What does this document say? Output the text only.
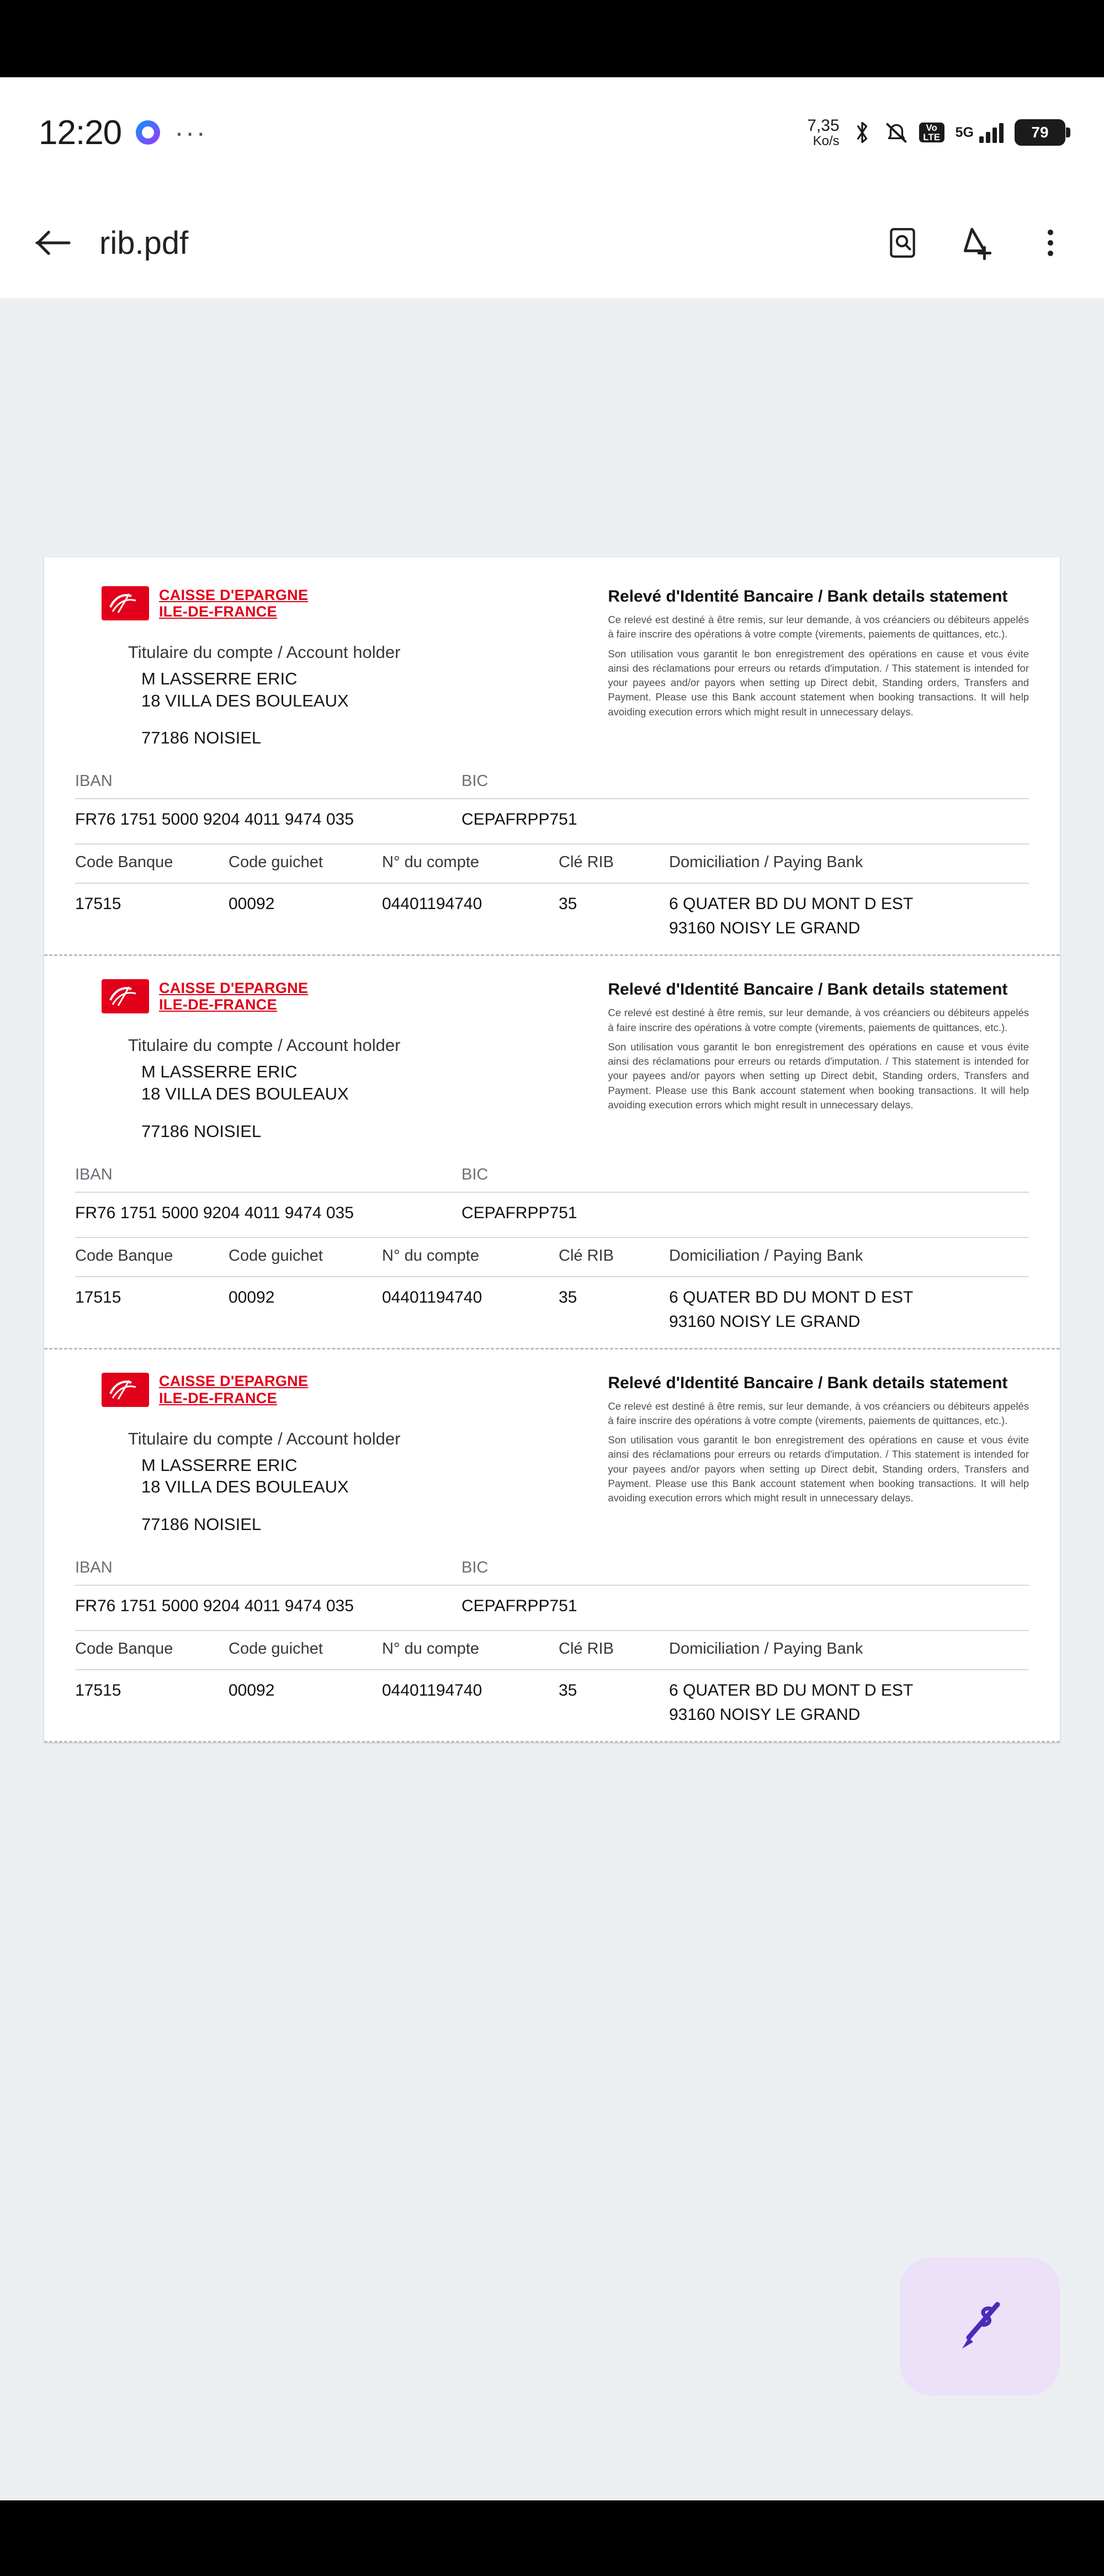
12:20 ···	7,35
Ko/s
Vo
LTE 5G	79
rib.pdf
CAISSE D'EPARGNE
ILE-DE-FRANCE
Titulaire du compte / Account holder
M LASSERRE ERIC
18 VILLA DES BOULEAUX
77186 NOISIEL
Relevé d'Identité Bancaire / Bank details statement

Ce relevé est destiné à être remis, sur leur demande, à vos créanciers ou débiteurs appelés à faire inscrire des opérations à votre compte (virements, paiements de quittances, etc.).

Son utilisation vous garantit le bon enregistrement des opérations en cause et vous évite ainsi des réclamations pour erreurs ou retards d'imputation. / This statement is intended for your payees and/or payors when setting up Direct debit, Standing orders, Transfers and Payment. Please use this Bank account statement when booking transactions. It will help avoiding execution errors which might result in unnecessary delays.

IBAN	BIC
FR76 1751 5000 9204 4011 9474 035	CEPAFRPP751
Code Banque	Code guichet	N° du compte	Clé RIB	Domiciliation / Paying Bank
17515	00092	04401194740	35	6 QUATER BD DU MONT D EST
93160 NOISY LE GRAND
CAISSE D'EPARGNE
ILE-DE-FRANCE
Titulaire du compte / Account holder
M LASSERRE ERIC
18 VILLA DES BOULEAUX
77186 NOISIEL
Relevé d'Identité Bancaire / Bank details statement

Ce relevé est destiné à être remis, sur leur demande, à vos créanciers ou débiteurs appelés à faire inscrire des opérations à votre compte (virements, paiements de quittances, etc.).

Son utilisation vous garantit le bon enregistrement des opérations en cause et vous évite ainsi des réclamations pour erreurs ou retards d'imputation. / This statement is intended for your payees and/or payors when setting up Direct debit, Standing orders, Transfers and Payment. Please use this Bank account statement when booking transactions. It will help avoiding execution errors which might result in unnecessary delays.

IBAN	BIC
FR76 1751 5000 9204 4011 9474 035	CEPAFRPP751
Code Banque	Code guichet	N° du compte	Clé RIB	Domiciliation / Paying Bank
17515	00092	04401194740	35	6 QUATER BD DU MONT D EST
93160 NOISY LE GRAND
CAISSE D'EPARGNE
ILE-DE-FRANCE
Titulaire du compte / Account holder
M LASSERRE ERIC
18 VILLA DES BOULEAUX
77186 NOISIEL
Relevé d'Identité Bancaire / Bank details statement

Ce relevé est destiné à être remis, sur leur demande, à vos créanciers ou débiteurs appelés à faire inscrire des opérations à votre compte (virements, paiements de quittances, etc.).

Son utilisation vous garantit le bon enregistrement des opérations en cause et vous évite ainsi des réclamations pour erreurs ou retards d'imputation. / This statement is intended for your payees and/or payors when setting up Direct debit, Standing orders, Transfers and Payment. Please use this Bank account statement when booking transactions. It will help avoiding execution errors which might result in unnecessary delays.

IBAN	BIC
FR76 1751 5000 9204 4011 9474 035	CEPAFRPP751
Code Banque	Code guichet	N° du compte	Clé RIB	Domiciliation / Paying Bank
17515	00092	04401194740	35	6 QUATER BD DU MONT D EST
93160 NOISY LE GRAND
